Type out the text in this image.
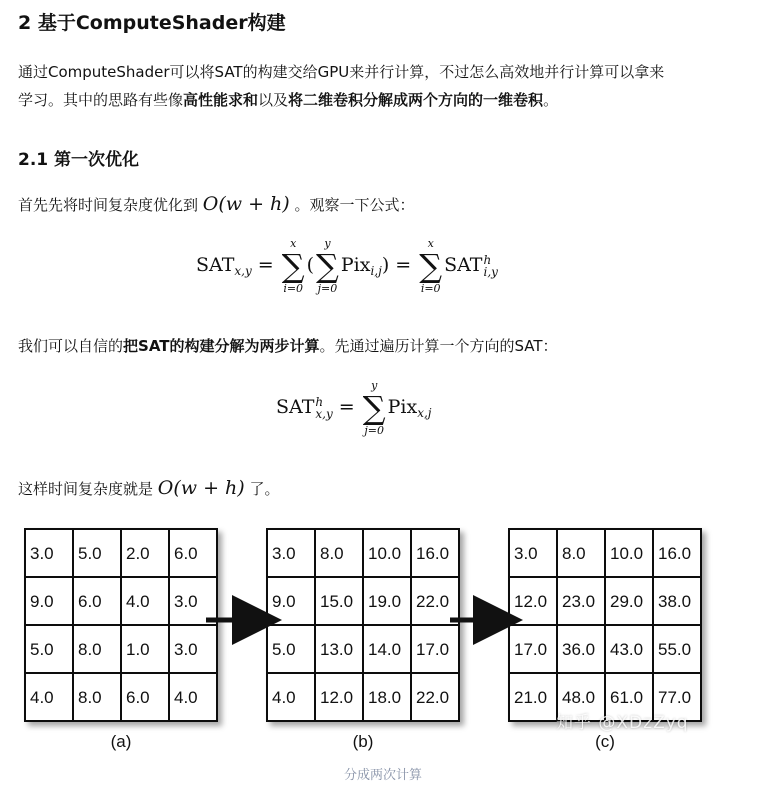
2 基于ComputeShader构建
通过ComputeShader可以将SAT的构建交给GPU来并行计算，不过怎么高效地并行计算可以拿来
学习。其中的思路有些像高性能求和以及将二维卷积分解成两个方向的一维卷积。
2.1 第一次优化
首先先将时间复杂度优化到 O(w + h) 。观察一下公式：
$SAT_{x,y}$ =
x
∑
i=0
(
y
∑
j=0
Pix$_{i,j}$) =
x
∑
i=0
SAT h
i,y
我们可以自信的把SAT的构建分解为两步计算。先通过遍历计算一个方向的SAT：
SAT h
x,y =
y
∑
j=0
Pix$_{x,j}$
这样时间复杂度就是 O(w + h) 了。
3.0 5.0 2.0 6.0
9.0 6.0 4.0 3.0
5.0 8.0 1.0 3.0
4.0 8.0 6.0 4.0
(a)
3.0 8.0 10.0 16.0
9.0 15.0 19.0 22.0
5.0 13.0 14.0 17.0
4.0 12.0 18.0 22.0
(b)
3.0 8.0 10.0 16.0
12.0 23.0 29.0 38.0
17.0 36.0 43.0 55.0
21.0 48.0 61.0 77.0
(c)
知乎 @XDzZyq
分成两次计算
